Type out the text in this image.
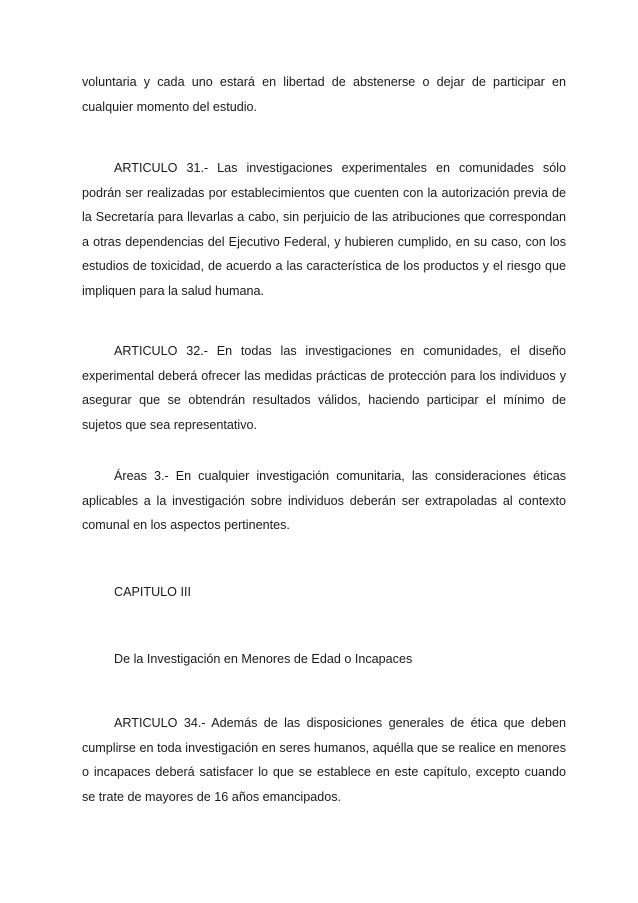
voluntaria y cada uno estará en libertad de abstenerse o dejar de participar en cualquier momento del estudio.

ARTICULO 31.- Las investigaciones experimentales en comunidades sólo podrán ser realizadas por establecimientos que cuenten con la autorización previa de la Secretaría para llevarlas a cabo, sin perjuicio de las atribuciones que correspondan a otras dependencias del Ejecutivo Federal, y hubieren cumplido, en su caso, con los estudios de toxicidad, de acuerdo a las característica de los productos y el riesgo que impliquen para la salud humana.

ARTICULO 32.- En todas las investigaciones en comunidades, el diseño experimental deberá ofrecer las medidas prácticas de protección para los individuos y asegurar que se obtendrán resultados válidos, haciendo participar el mínimo de sujetos que sea representativo.

Áreas 3.- En cualquier investigación comunitaria, las consideraciones éticas aplicables a la investigación sobre individuos deberán ser extrapoladas al contexto comunal en los aspectos pertinentes.

CAPITULO III

De la Investigación en Menores de Edad o Incapaces

ARTICULO 34.- Además de las disposiciones generales de ética que deben cumplirse en toda investigación en seres humanos, aquélla que se realice en menores o incapaces deberá satisfacer lo que se establece en este capítulo, excepto cuando se trate de mayores de 16 años emancipados.
